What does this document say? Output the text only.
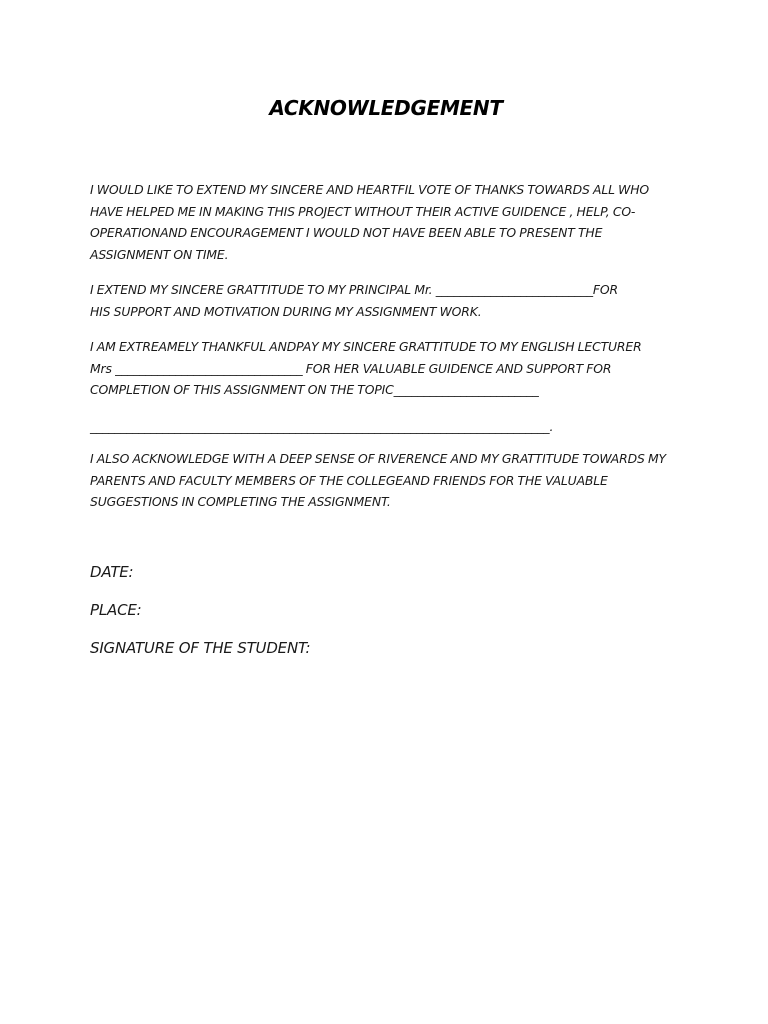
ACKNOWLEDGEMENT

I WOULD LIKE TO EXTEND MY SINCERE AND HEARTFIL VOTE OF THANKS TOWARDS ALL WHO

HAVE HELPED ME IN MAKING THIS PROJECT WITHOUT THEIR ACTIVE GUIDENCE , HELP, CO-

OPERATIONAND ENCOURAGEMENT I WOULD NOT HAVE BEEN ABLE TO PRESENT THE

ASSIGNMENT ON TIME.

I EXTEND MY SINCERE GRATTITUDE TO MY PRINCIPAL Mr. __________________________FOR

HIS SUPPORT AND MOTIVATION DURING MY ASSIGNMENT WORK.

I AM EXTREAMELY THANKFUL ANDPAY MY SINCERE GRATTITUDE TO MY ENGLISH LECTURER

Mrs _______________________________ FOR HER VALUABLE GUIDENCE AND SUPPORT FOR

COMPLETION OF THIS ASSIGNMENT ON THE TOPIC________________________

____________________________________________________________________________.

I ALSO ACKNOWLEDGE WITH A DEEP SENSE OF RIVERENCE AND MY GRATTITUDE TOWARDS MY

PARENTS AND FACULTY MEMBERS OF THE COLLEGEAND FRIENDS FOR THE VALUABLE

SUGGESTIONS IN COMPLETING THE ASSIGNMENT.

DATE:
PLACE:
SIGNATURE OF THE STUDENT:
